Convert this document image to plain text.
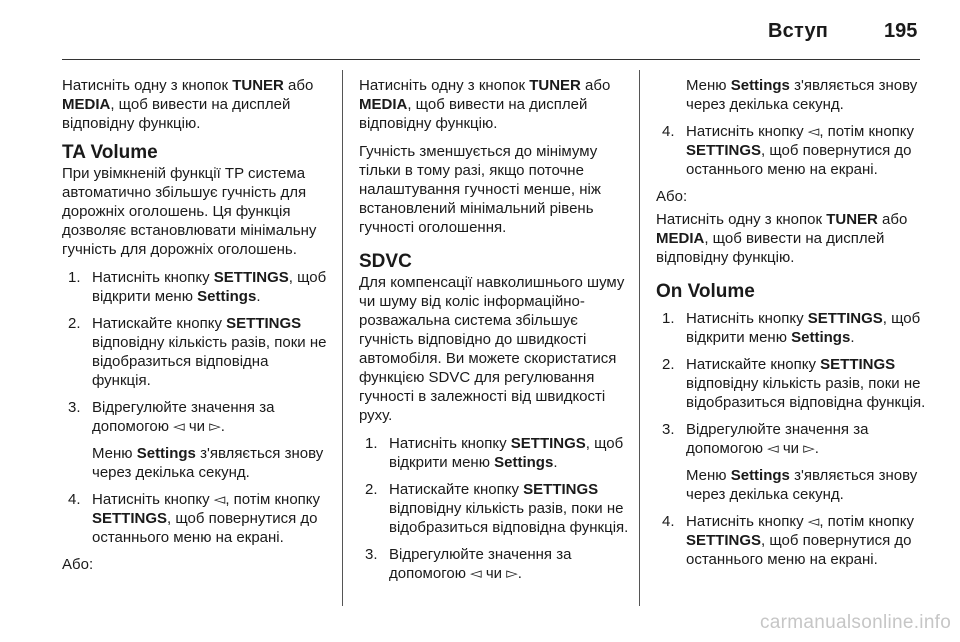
Вступ	195

Натисніть одну з кнопок TUNER або MEDIA, щоб вивести на дисплей відповідну функцію.

TA Volume

При увімкненій функції TP система автоматично збільшує гучність для дорожніх оголошень. Ця функція дозволяє встановлювати мінімальну гучність для дорожніх оголошень.

1. Натисніть кнопку SETTINGS, щоб відкрити меню Settings.
2. Натискайте кнопку SETTINGS відповідну кількість разів, поки не відобразиться відповідна функція.
3. Відрегулюйте значення за допомогою ◅ чи ▻.

Меню Settings з'являється знову через декілька секунд.

4. Натисніть кнопку ◅, потім кнопку SETTINGS, щоб повернутися до останнього меню на екрані.

Або:

Натисніть одну з кнопок TUNER або MEDIA, щоб вивести на дисплей відповідну функцію.

Гучність зменшується до мінімуму тільки в тому разі, якщо поточне налаштування гучності менше, ніж встановлений мінімальний рівень гучності оголошення.

SDVC

Для компенсації навколишнього шуму чи шуму від коліс інформаційно-розважальна система збільшує гучність відповідно до швидкості автомобіля. Ви можете скористатися функцією SDVC для регулювання гучності в залежності від швидкості руху.

1. Натисніть кнопку SETTINGS, щоб відкрити меню Settings.
2. Натискайте кнопку SETTINGS відповідну кількість разів, поки не відобразиться відповідна функція.
3. Відрегулюйте значення за допомогою ◅ чи ▻.

Меню Settings з'являється знову через декілька секунд.

4. Натисніть кнопку ◅, потім кнопку SETTINGS, щоб повернутися до останнього меню на екрані.

Або:

Натисніть одну з кнопок TUNER або MEDIA, щоб вивести на дисплей відповідну функцію.

On Volume
1. Натисніть кнопку SETTINGS, щоб відкрити меню Settings.
2. Натискайте кнопку SETTINGS відповідну кількість разів, поки не відобразиться відповідна функція.
3. Відрегулюйте значення за допомогою ◅ чи ▻.

Меню Settings з'являється знову через декілька секунд.

4. Натисніть кнопку ◅, потім кнопку SETTINGS, щоб повернутися до останнього меню на екрані.
carmanualsonline.info
